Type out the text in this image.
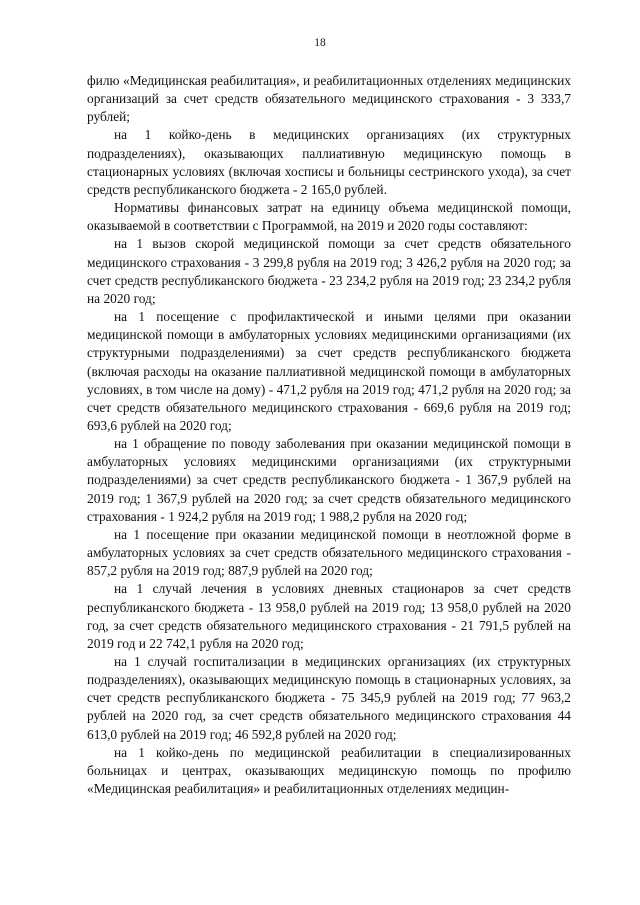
18

филю «Медицинская реабилитация», и реабилитационных отделениях медицинских организаций за счет средств обязательного медицинского страхования - 3 333,7 рублей;

на 1 койко-день в медицинских организациях (их структурных подразделениях), оказывающих паллиативную медицинскую помощь в стационарных условиях (включая хосписы и больницы сестринского ухода), за счет средств республиканского бюджета - 2 165,0 рублей.

Нормативы финансовых затрат на единицу объема медицинской помощи, оказываемой в соответствии с Программой, на 2019 и 2020 годы составляют:

на 1 вызов скорой медицинской помощи за счет средств обязательного медицинского страхования - 3 299,8 рубля на 2019 год; 3 426,2 рубля на 2020 год; за счет средств республиканского бюджета - 23 234,2 рубля на 2019 год; 23 234,2 рубля на 2020 год;

на 1 посещение с профилактической и иными целями при оказании медицинской помощи в амбулаторных условиях медицинскими организациями (их структурными подразделениями) за счет средств республиканского бюджета (включая расходы на оказание паллиативной медицинской помощи в амбулаторных условиях, в том числе на дому) - 471,2 рубля на 2019 год; 471,2 рубля на 2020 год; за счет средств обязательного медицинского страхования - 669,6 рубля на 2019 год; 693,6 рублей на 2020 год;

на 1 обращение по поводу заболевания при оказании медицинской помощи в амбулаторных условиях медицинскими организациями (их структурными подразделениями) за счет средств республиканского бюджета - 1 367,9 рублей на 2019 год; 1 367,9 рублей на 2020 год; за счет средств обязательного медицинского страхования - 1 924,2 рубля на 2019 год; 1 988,2 рубля на 2020 год;

на 1 посещение при оказании медицинской помощи в неотложной форме в амбулаторных условиях за счет средств обязательного медицинского страхования - 857,2 рубля на 2019 год; 887,9 рублей на 2020 год;

на 1 случай лечения в условиях дневных стационаров за счет средств республиканского бюджета - 13 958,0 рублей на 2019 год; 13 958,0 рублей на 2020 год, за счет средств обязательного медицинского страхования - 21 791,5 рублей на 2019 год и 22 742,1 рубля на 2020 год;

на 1 случай госпитализации в медицинских организациях (их структурных подразделениях), оказывающих медицинскую помощь в стационарных условиях, за счет средств республиканского бюджета - 75 345,9 рублей на 2019 год; 77 963,2 рублей на 2020 год, за счет средств обязательного медицинского страхования 44 613,0 рублей на 2019 год; 46 592,8 рублей на 2020 год;

на 1 койко-день по медицинской реабилитации в специализированных больницах и центрах, оказывающих медицинскую помощь по профилю «Медицинская реабилитация» и реабилитационных отделениях медицин-
